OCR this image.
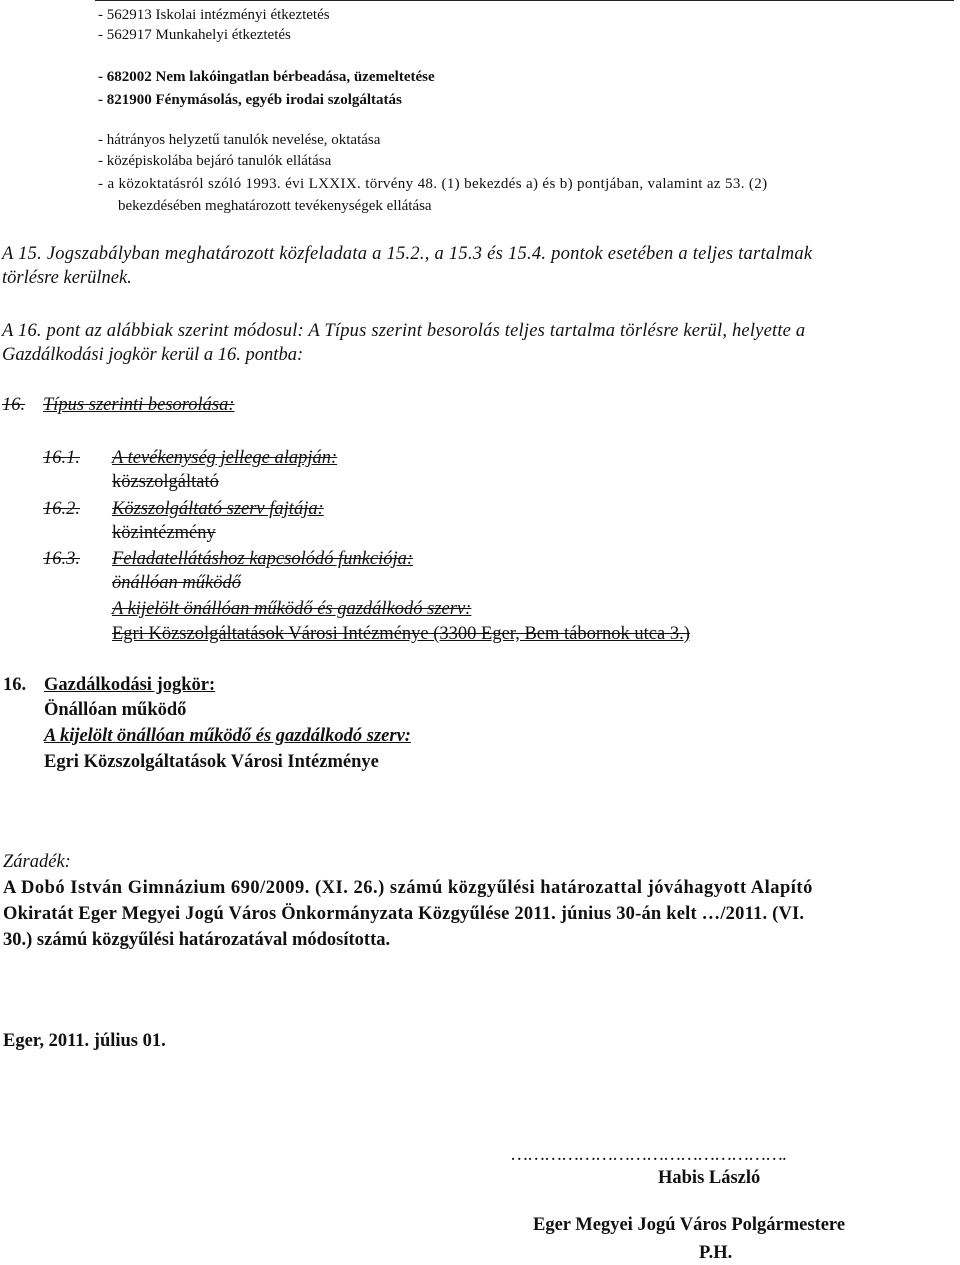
- 562913 Iskolai intézményi étkeztetés
- 562917 Munkahelyi étkeztetés
- 682002 Nem lakóingatlan bérbeadása, üzemeltetése
- 821900 Fénymásolás, egyéb irodai szolgáltatás
- hátrányos helyzetű tanulók nevelése, oktatása
- középiskolába bejáró tanulók ellátása
- a közoktatásról szóló 1993. évi LXXIX. törvény 48. (1) bekezdés a) és b) pontjában, valamint az 53. (2)
bekezdésében meghatározott tevékenységek ellátása
A 15. Jogszabályban meghatározott közfeladata a 15.2., a 15.3 és 15.4. pontok esetében a teljes tartalmak
törlésre kerülnek.
A 16. pont az alábbiak szerint módosul: A Típus szerint besorolás teljes tartalma törlésre kerül, helyette a
Gazdálkodási jogkör kerül a 16. pontba:
16. Típus szerinti besorolása:
16.1. A tevékenység jellege alapján:
közszolgáltató
16.2. Közszolgáltató szerv fajtája:
közintézmény
16.3. Feladatellátáshoz kapcsolódó funkciója:
önállóan működő
A kijelölt önállóan működő és gazdálkodó szerv:
Egri Közszolgáltatások Városi Intézménye (3300 Eger, Bem tábornok utca 3.)
16. Gazdálkodási jogkör:
Önállóan működő
A kijelölt önállóan működő és gazdálkodó szerv:
Egri Közszolgáltatások Városi Intézménye
Záradék:
A Dobó István Gimnázium 690/2009. (XI. 26.) számú közgyűlési határozattal jóváhagyott Alapító
Okiratát Eger Megyei Jogú Város Önkormányzata Közgyűlése 2011. június 30-án kelt …/2011. (VI.
30.) számú közgyűlési határozatával módosította.
Eger, 2011. július 01.
………………………………………….
Habis László
Eger Megyei Jogú Város Polgármestere
P.H.
